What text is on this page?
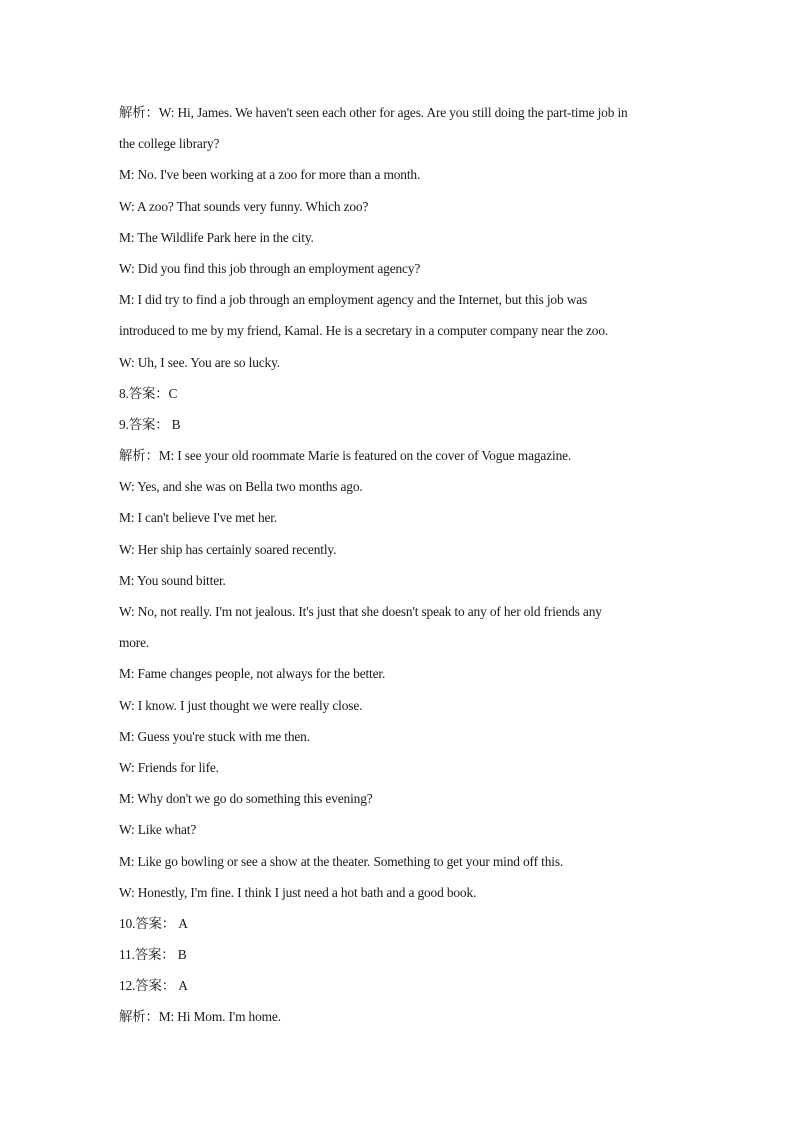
解析：W: Hi, James. We haven't seen each other for ages. Are you still doing the part-time job in
the college library?
M: No. I've been working at a zoo for more than a month.
W: A zoo? That sounds very funny. Which zoo?
M: The Wildlife Park here in the city.
W: Did you find this job through an employment agency?
M: I did try to find a job through an employment agency and the Internet, but this job was
introduced to me by my friend, Kamal. He is a secretary in a computer company near the zoo.
W: Uh, I see. You are so lucky.
8.答案：C
9.答案： B
解析：M: I see your old roommate Marie is featured on the cover of Vogue magazine.
W: Yes, and she was on Bella two months ago.
M: I can't believe I've met her.
W: Her ship has certainly soared recently.
M: You sound bitter.
W: No, not really. I'm not jealous. It's just that she doesn't speak to any of her old friends any
more.
M: Fame changes people, not always for the better.
W: I know. I just thought we were really close.
M: Guess you're stuck with me then.
W: Friends for life.
M: Why don't we go do something this evening?
W: Like what?
M: Like go bowling or see a show at the theater. Something to get your mind off this.
W: Honestly, I'm fine. I think I just need a hot bath and a good book.
10.答案： A
11.答案： B
12.答案： A
解析：M: Hi Mom. I'm home.
